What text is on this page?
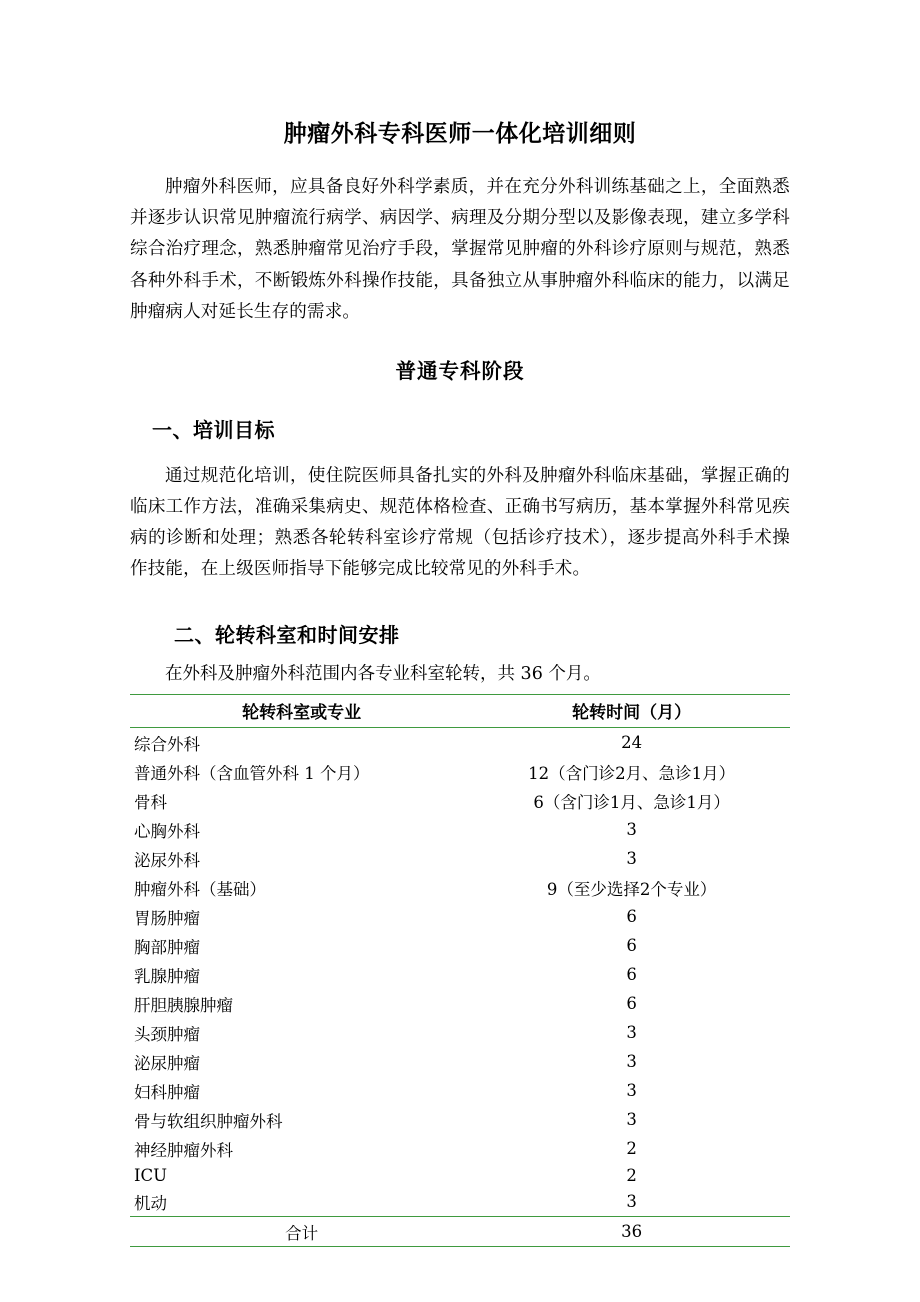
肿瘤外科专科医师一体化培训细则

肿瘤外科医师，应具备良好外科学素质，并在充分外科训练基础之上，全面熟悉并逐步认识常见肿瘤流行病学、病因学、病理及分期分型以及影像表现，建立多学科综合治疗理念，熟悉肿瘤常见治疗手段，掌握常见肿瘤的外科诊疗原则与规范，熟悉各种外科手术，不断锻炼外科操作技能，具备独立从事肿瘤外科临床的能力，以满足肿瘤病人对延长生存的需求。

普通专科阶段
一、培训目标

通过规范化培训，使住院医师具备扎实的外科及肿瘤外科临床基础，掌握正确的临床工作方法，准确采集病史、规范体格检查、正确书写病历，基本掌握外科常见疾病的诊断和处理；熟悉各轮转科室诊疗常规（包括诊疗技术），逐步提高外科手术操作技能，在上级医师指导下能够完成比较常见的外科手术。

二、轮转科室和时间安排

在外科及肿瘤外科范围内各专业科室轮转，共 36 个月。

轮转科室或专业	轮转时间（月）
综合外科	24
普通外科（含血管外科 1 个月）	12（含门诊2月、急诊1月）
骨科	6（含门诊1月、急诊1月）
心胸外科	3
泌尿外科	3
肿瘤外科（基础）	9（至少选择2个专业）
胃肠肿瘤	6
胸部肿瘤	6
乳腺肿瘤	6
肝胆胰腺肿瘤	6
头颈肿瘤	3
泌尿肿瘤	3
妇科肿瘤	3
骨与软组织肿瘤外科	3
神经肿瘤外科	2
ICU	2
机动	3
合计	36
